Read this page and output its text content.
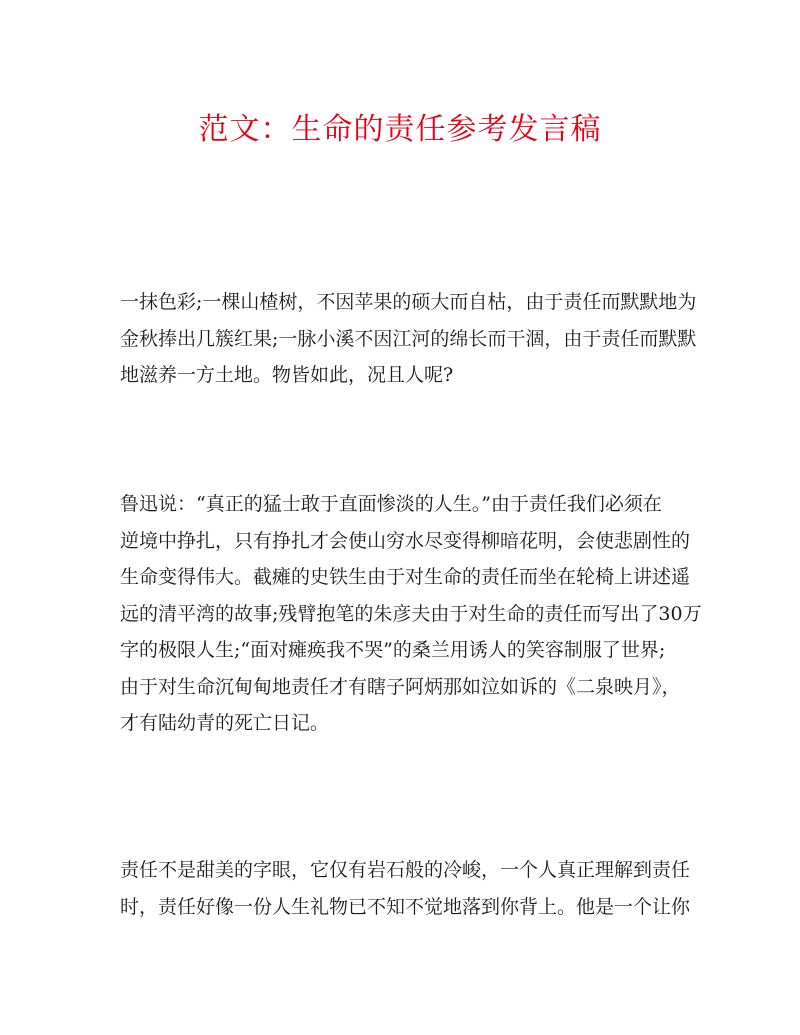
范文：生命的责任参考发言稿
一抹色彩;一棵山楂树，不因苹果的硕大而自枯，由于责任而默默地为
金秋捧出几簇红果;一脉小溪不因江河的绵长而干涸，由于责任而默默
地滋养一方土地。物皆如此，况且人呢?
鲁迅说：“真正的猛士敢于直面惨淡的人生。”由于责任我们必须在
逆境中挣扎，只有挣扎才会使山穷水尽变得柳暗花明，会使悲剧性的
生命变得伟大。截瘫的史铁生由于对生命的责任而坐在轮椅上讲述遥
远的清平湾的故事;残臂抱笔的朱彦夫由于对生命的责任而写出了30万
字的极限人生;“面对瘫痪我不哭”的桑兰用诱人的笑容制服了世界;
由于对生命沉甸甸地责任才有瞎子阿炳那如泣如诉的《二泉映月》，
才有陆幼青的死亡日记。
责任不是甜美的字眼，它仅有岩石般的冷峻，一个人真正理解到责任
时，责任好像一份人生礼物已不知不觉地落到你背上。他是一个让你
